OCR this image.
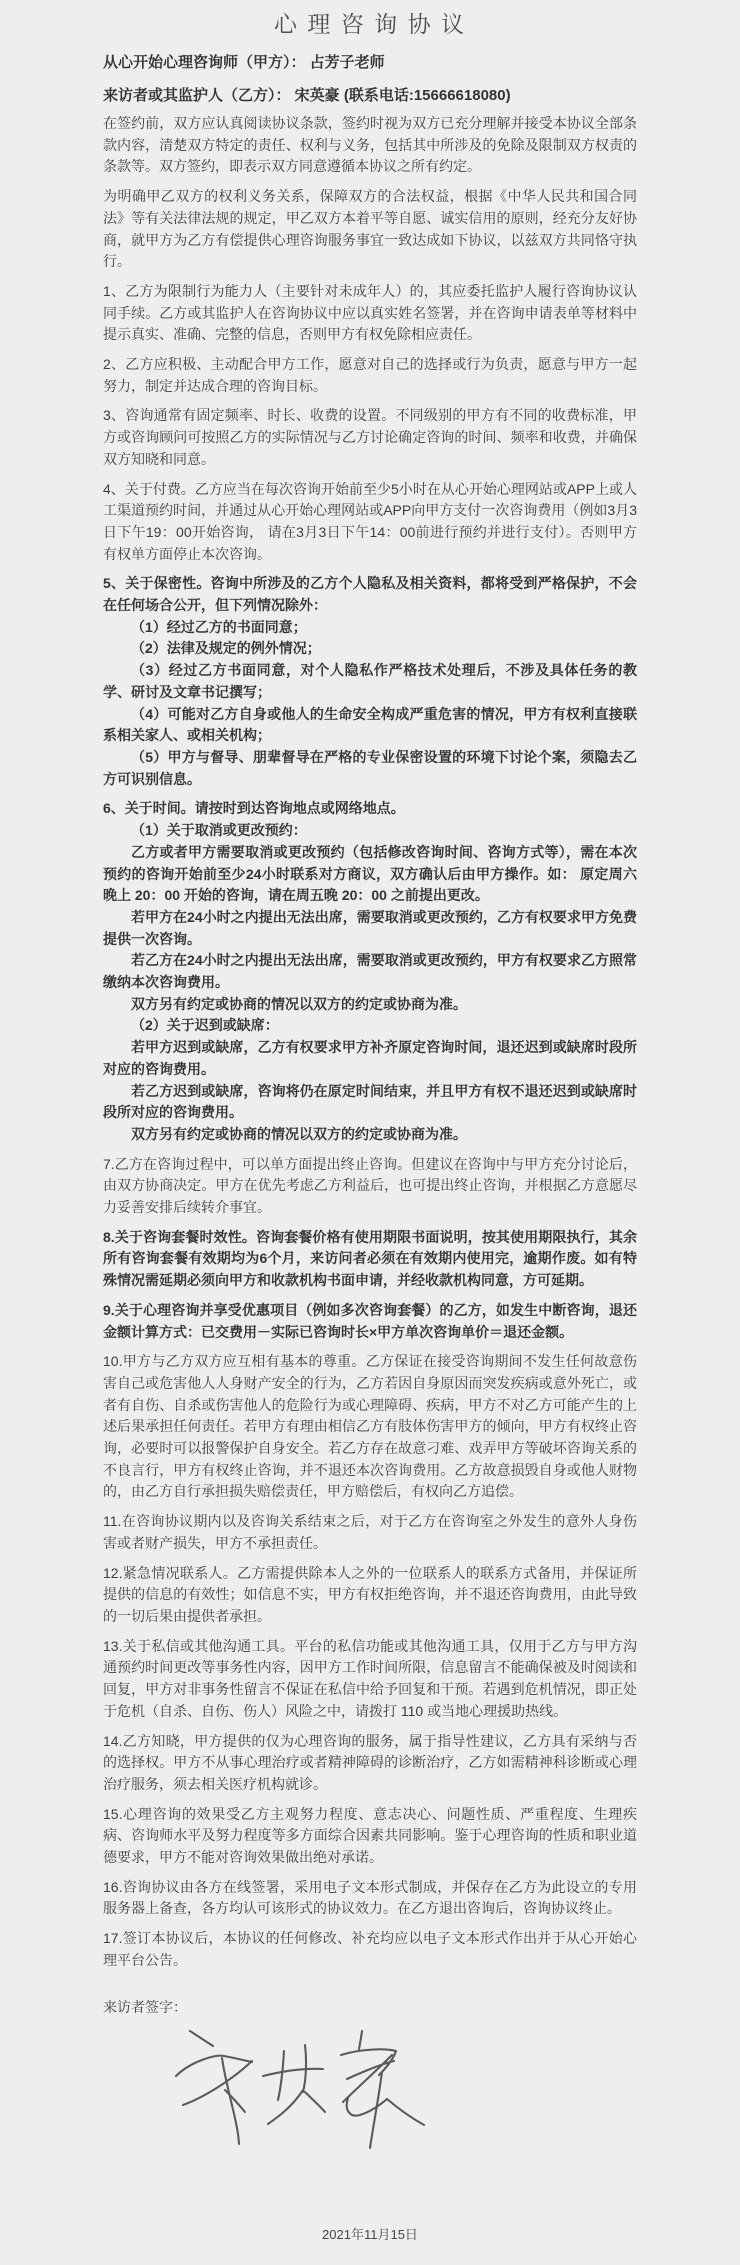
心 理 咨 询 协 议

从心开始心理咨询师（甲方）： 占芳子老师

来访者或其监护人（乙方）： 宋英豪 (联系电话:15666618080)

在签约前，双方应认真阅读协议条款，签约时视为双方已充分理解并接受本协议全部条款内容，清楚双方特定的责任、权利与义务，包括其中所涉及的免除及限制双方权责的条款等。双方签约，即表示双方同意遵循本协议之所有约定。

为明确甲乙双方的权利义务关系，保障双方的合法权益，根据《中华人民共和国合同法》等有关法律法规的规定，甲乙双方本着平等自愿、诚实信用的原则，经充分友好协商，就甲方为乙方有偿提供心理咨询服务事宜一致达成如下协议，以兹双方共同恪守执行。

1、乙方为限制行为能力人（主要针对未成年人）的，其应委托监护人履行咨询协议认同手续。乙方或其监护人在咨询协议中应以真实姓名签署，并在咨询申请表单等材料中提示真实、准确、完整的信息，否则甲方有权免除相应责任。

2、乙方应积极、主动配合甲方工作，愿意对自己的选择或行为负责，愿意与甲方一起努力，制定并达成合理的咨询目标。

3、咨询通常有固定频率、时长、收费的设置。不同级别的甲方有不同的收费标准，甲方或咨询顾问可按照乙方的实际情况与乙方讨论确定咨询的时间、频率和收费，并确保双方知晓和同意。

4、关于付费。乙方应当在每次咨询开始前至少5小时在从心开始心理网站或APP上或人工渠道预约时间，并通过从心开始心理网站或APP向甲方支付一次咨询费用（例如3月3日下午19：00开始咨询， 请在3月3日下午14：00前进行预约并进行支付）。否则甲方有权单方面停止本次咨询。

5、关于保密性。咨询中所涉及的乙方个人隐私及相关资料，都将受到严格保护，不会在任何场合公开，但下列情况除外：

（1）经过乙方的书面同意；

（2）法律及规定的例外情况；

（3）经过乙方书面同意，对个人隐私作严格技术处理后，不涉及具体任务的教学、研讨及文章书记撰写；

（4）可能对乙方自身或他人的生命安全构成严重危害的情况，甲方有权利直接联系相关家人、或相关机构；

（5）甲方与督导、朋辈督导在严格的专业保密设置的环境下讨论个案，须隐去乙方可识别信息。

6、关于时间。请按时到达咨询地点或网络地点。

（1）关于取消或更改预约：

乙方或者甲方需要取消或更改预约（包括修改咨询时间、咨询方式等），需在本次预约的咨询开始前至少24小时联系对方商议，双方确认后由甲方操作。如： 原定周六晚上 20：00 开始的咨询，请在周五晚 20：00 之前提出更改。

若甲方在24小时之内提出无法出席，需要取消或更改预约，乙方有权要求甲方免费提供一次咨询。

若乙方在24小时之内提出无法出席，需要取消或更改预约，甲方有权要求乙方照常缴纳本次咨询费用。

双方另有约定或协商的情况以双方的约定或协商为准。

（2）关于迟到或缺席：

若甲方迟到或缺席，乙方有权要求甲方补齐原定咨询时间，退还迟到或缺席时段所对应的咨询费用。

若乙方迟到或缺席，咨询将仍在原定时间结束，并且甲方有权不退还迟到或缺席时段所对应的咨询费用。

双方另有约定或协商的情况以双方的约定或协商为准。

7.乙方在咨询过程中，可以单方面提出终止咨询。但建议在咨询中与甲方充分讨论后，由双方协商决定。甲方在优先考虑乙方利益后，也可提出终止咨询，并根据乙方意愿尽力妥善安排后续转介事宜。

8.关于咨询套餐时效性。咨询套餐价格有使用期限书面说明，按其使用期限执行，其余所有咨询套餐有效期均为6个月，来访问者必须在有效期内使用完，逾期作废。如有特殊情况需延期必须向甲方和收款机构书面申请，并经收款机构同意，方可延期。

9.关于心理咨询并享受优惠项目（例如多次咨询套餐）的乙方，如发生中断咨询，退还金额计算方式：已交费用－实际已咨询时长×甲方单次咨询单价＝退还金额。

10.甲方与乙方双方应互相有基本的尊重。乙方保证在接受咨询期间不发生任何故意伤害自己或危害他人人身财产安全的行为，乙方若因自身原因而突发疾病或意外死亡，或者有自伤、自杀或伤害他人的危险行为或心理障碍、疾病，甲方不对乙方可能产生的上述后果承担任何责任。若甲方有理由相信乙方有肢体伤害甲方的倾向，甲方有权终止咨询，必要时可以报警保护自身安全。若乙方存在故意刁难、戏弄甲方等破坏咨询关系的不良言行，甲方有权终止咨询，并不退还本次咨询费用。乙方故意损毁自身或他人财物的，由乙方自行承担损失赔偿责任，甲方赔偿后，有权向乙方追偿。

11.在咨询协议期内以及咨询关系结束之后，对于乙方在咨询室之外发生的意外人身伤害或者财产损失，甲方不承担责任。

12.紧急情况联系人。乙方需提供除本人之外的一位联系人的联系方式备用，并保证所提供的信息的有效性；如信息不实，甲方有权拒绝咨询，并不退还咨询费用，由此导致的一切后果由提供者承担。

13.关于私信或其他沟通工具。平台的私信功能或其他沟通工具，仅用于乙方与甲方沟通预约时间更改等事务性内容，因甲方工作时间所限，信息留言不能确保被及时阅读和回复，甲方对非事务性留言不保证在私信中给予回复和干预。若遇到危机情况，即正处于危机（自杀、自伤、伤人）风险之中，请拨打 110 或当地心理援助热线。

14.乙方知晓，甲方提供的仅为心理咨询的服务，属于指导性建议，乙方具有采纳与否的选择权。甲方不从事心理治疗或者精神障碍的诊断治疗，乙方如需精神科诊断或心理治疗服务，须去相关医疗机构就诊。

15.心理咨询的效果受乙方主观努力程度、意志决心、问题性质、严重程度、生理疾病、咨询师水平及努力程度等多方面综合因素共同影响。鉴于心理咨询的性质和职业道德要求，甲方不能对咨询效果做出绝对承诺。

16.咨询协议由各方在线签署，采用电子文本形式制成，并保存在乙方为此设立的专用服务器上备查，各方均认可该形式的协议效力。在乙方退出咨询后，咨询协议终止。

17.签订本协议后，本协议的任何修改、补充均应以电子文本形式作出并于从心开始心理平台公告。

来访者签字：

2021年11月15日
